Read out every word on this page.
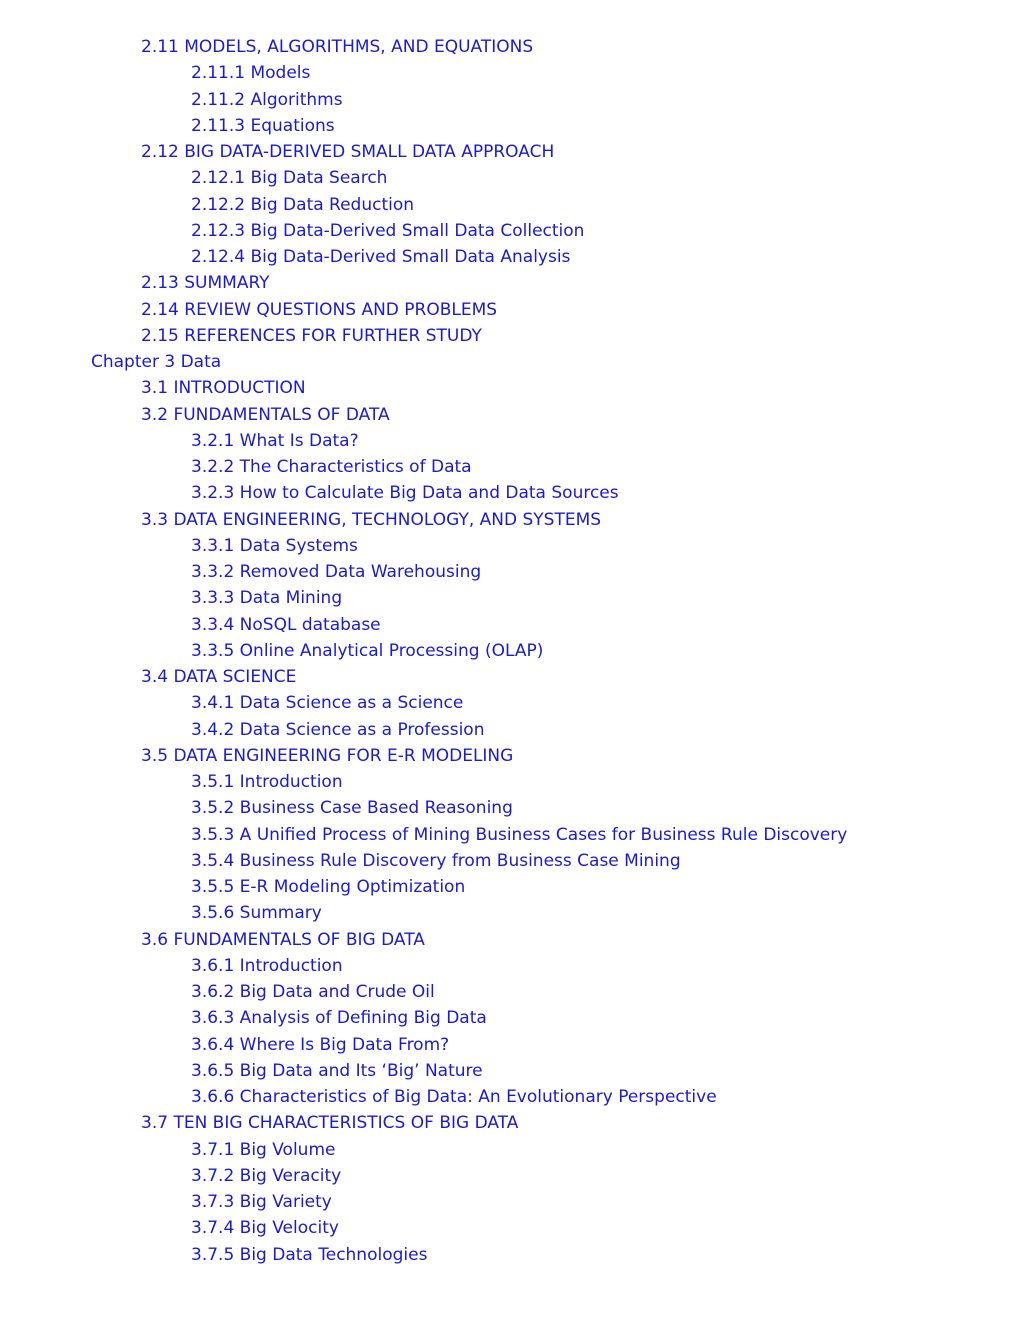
2.11 MODELS, ALGORITHMS, AND EQUATIONS
2.11.1 Models
2.11.2 Algorithms
2.11.3 Equations
2.12 BIG DATA-DERIVED SMALL DATA APPROACH
2.12.1 Big Data Search
2.12.2 Big Data Reduction
2.12.3 Big Data-Derived Small Data Collection
2.12.4 Big Data-Derived Small Data Analysis
2.13 SUMMARY
2.14 REVIEW QUESTIONS AND PROBLEMS
2.15 REFERENCES FOR FURTHER STUDY
Chapter 3 Data
3.1 INTRODUCTION
3.2 FUNDAMENTALS OF DATA
3.2.1 What Is Data?
3.2.2 The Characteristics of Data
3.2.3 How to Calculate Big Data and Data Sources
3.3 DATA ENGINEERING, TECHNOLOGY, AND SYSTEMS
3.3.1 Data Systems
3.3.2 Removed Data Warehousing
3.3.3 Data Mining
3.3.4 NoSQL database
3.3.5 Online Analytical Processing (OLAP)
3.4 DATA SCIENCE
3.4.1 Data Science as a Science
3.4.2 Data Science as a Profession
3.5 DATA ENGINEERING FOR E-R MODELING
3.5.1 Introduction
3.5.2 Business Case Based Reasoning
3.5.3 A Unified Process of Mining Business Cases for Business Rule Discovery
3.5.4 Business Rule Discovery from Business Case Mining
3.5.5 E-R Modeling Optimization
3.5.6 Summary
3.6 FUNDAMENTALS OF BIG DATA
3.6.1 Introduction
3.6.2 Big Data and Crude Oil
3.6.3 Analysis of Defining Big Data
3.6.4 Where Is Big Data From?
3.6.5 Big Data and Its ‘Big’ Nature
3.6.6 Characteristics of Big Data: An Evolutionary Perspective
3.7 TEN BIG CHARACTERISTICS OF BIG DATA
3.7.1 Big Volume
3.7.2 Big Veracity
3.7.3 Big Variety
3.7.4 Big Velocity
3.7.5 Big Data Technologies
